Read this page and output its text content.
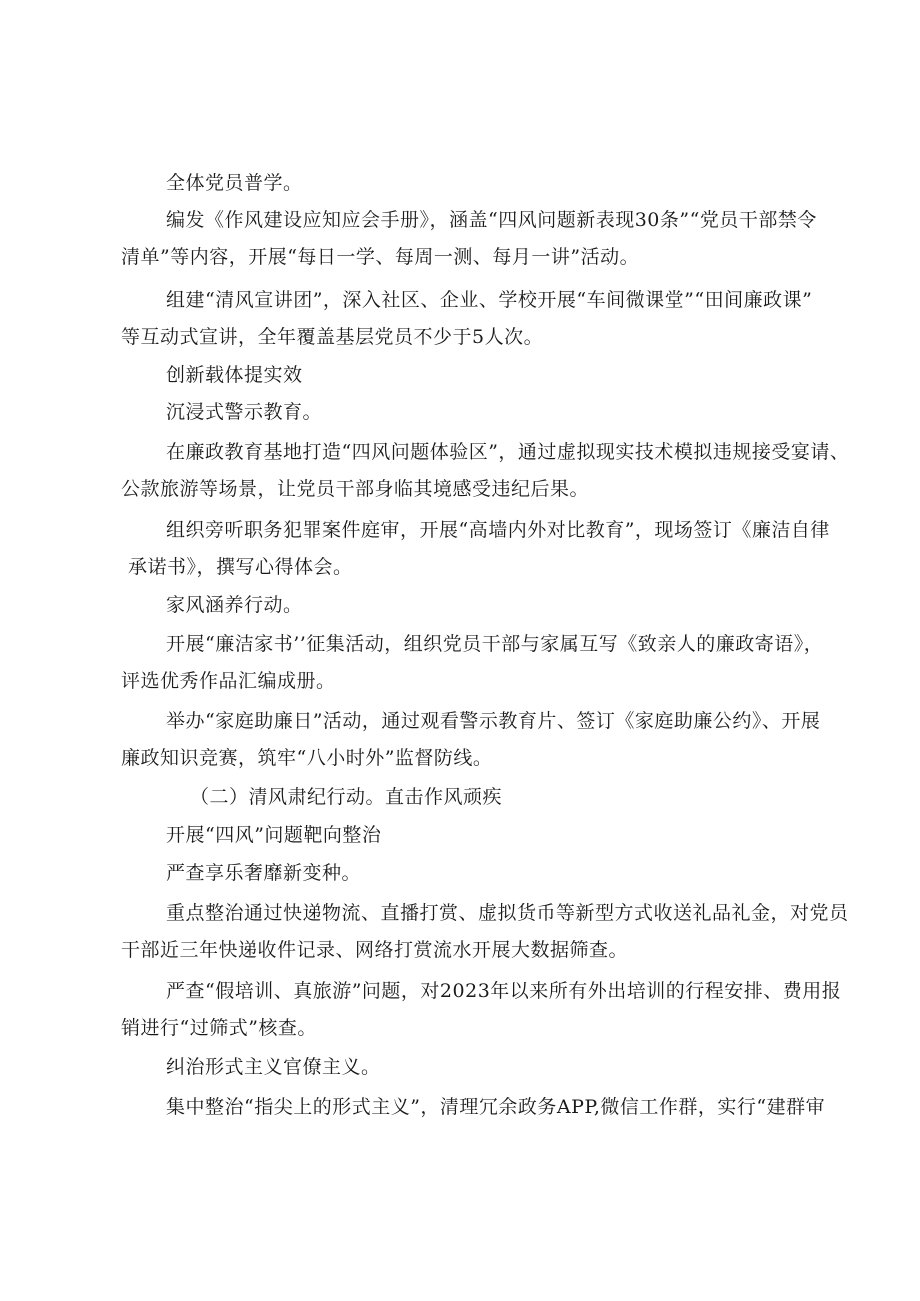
全体党员普学。
编发《作风建设应知应会手册》，涵盖“四风问题新表现30条”“党员干部禁令
清单”等内容，开展“每日一学、每周一测、每月一讲”活动。
组建“清风宣讲团”，深入社区、企业、学校开展“车间微课堂”“田间廉政课”
等互动式宣讲，全年覆盖基层党员不少于5人次。
创新载体提实效
沉浸式警示教育。
在廉政教育基地打造“四风问题体验区”，通过虚拟现实技术模拟违规接受宴请、
公款旅游等场景，让党员干部身临其境感受违纪后果。
组织旁听职务犯罪案件庭审，开展“高墙内外对比教育”，现场签订《廉洁自律
承诺书》，撰写心得体会。
家风涵养行动。
开展“廉洁家书’’征集活动，组织党员干部与家属互写《致亲人的廉政寄语》，
评选优秀作品汇编成册。
举办“家庭助廉日”活动，通过观看警示教育片、签订《家庭助廉公约》、开展
廉政知识竞赛，筑牢“八小时外”监督防线。
（二）清风肃纪行动。直击作风顽疾
开展“四风”问题靶向整治
严查享乐奢靡新变种。
重点整治通过快递物流、直播打赏、虚拟货币等新型方式收送礼品礼金，对党员
干部近三年快递收件记录、网络打赏流水开展大数据筛查。
严查“假培训、真旅游”问题，对2023年以来所有外出培训的行程安排、费用报
销进行“过筛式”核查。
纠治形式主义官僚主义。
集中整治“指尖上的形式主义”，清理冗余政务APP,微信工作群，实行“建群审
